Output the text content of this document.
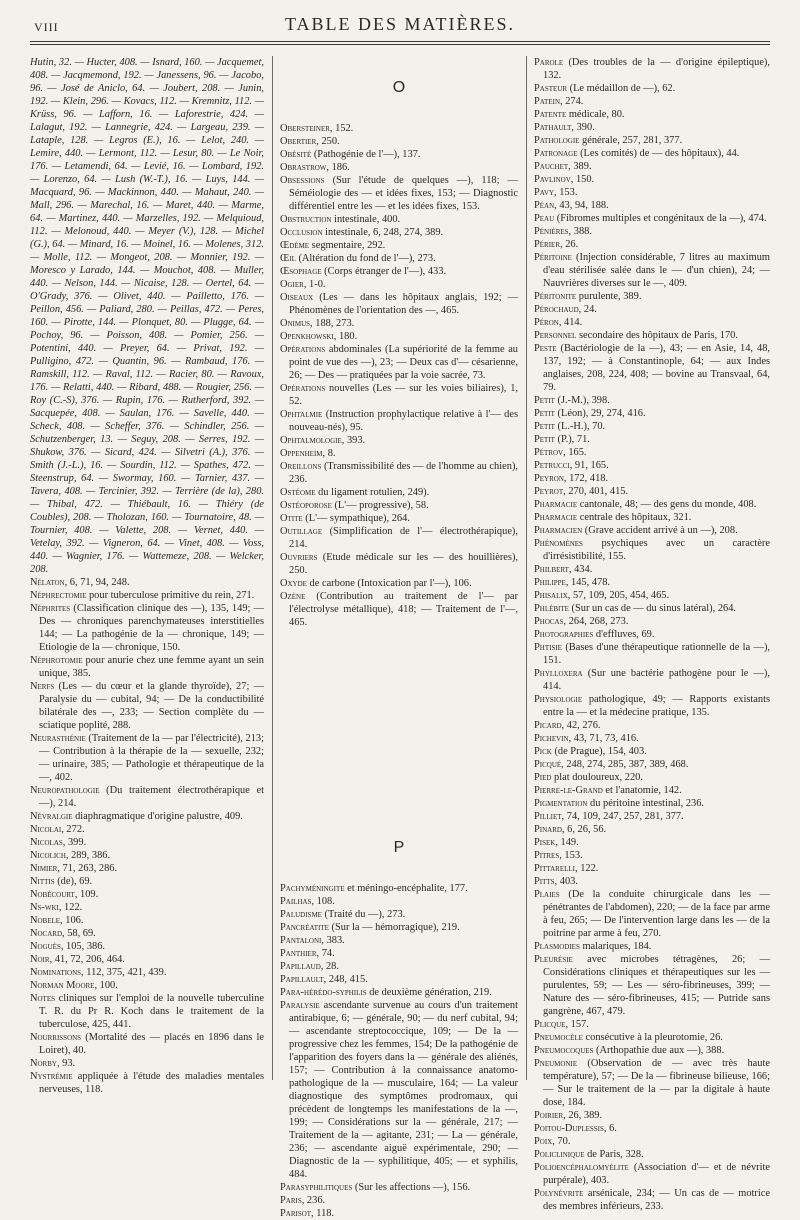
VIII	TABLE DES MATIÈRES.

Hutin, 32. — Hucter, 408. — Isnard, 160. — Jacquemet, 408. — Jacqmemond, 192. — Janessens, 96. — Jacobo, 96. — José de Aniclo, 64. — Joubert, 208. — Junin, 192. — Klein, 296. — Kovacs, 112. — Kremnitz, 112. — Krüss, 96. — Lafforn, 16. — Laforestrie, 424. — Lalagut, 192. — Lannegrie, 424. — Largeau, 239. — Lataple, 128. — Legros (E.), 16. — Lelot, 240. — Lemire, 440. — Lermont, 112. — Lesur, 80. — Le Noir, 176. — Letamendi, 64. — Levié, 16. — Lombard, 192. — Lorenzo, 64. — Lush (W.-T.), 16. — Luys, 144. — Macquard, 96. — Mackinnon, 440. — Mahaut, 240. — Mall, 296. — Marechal, 16. — Maret, 440. — Marme, 64. — Martinez, 440. — Marzelles, 192. — Melquioud, 112. — Melonoud, 440. — Meyer (V.), 128. — Michel (G.), 64. — Minard, 16. — Moinel, 16. — Molenes, 312. — Molle, 112. — Mongeot, 208. — Monnier, 192. — Moresco y Larado, 144. — Mouchot, 408. — Muller, 440. — Nelson, 144. — Nicaise, 128. — Oertel, 64. — O'Grady, 376. — Olivet, 440. — Pailletto, 176. — Peillon, 456. — Paliard, 280. — Peillas, 472. — Peres, 160. — Pirotte, 144. — Plonquet, 80. — Plugge, 64. — Pochoy, 96. — Poisson, 408. — Pomier, 256. — Potentini, 440. — Preyer, 64. — Privat, 192. — Pulligino, 472. — Quantin, 96. — Rambaud, 176. — Ramskill, 112. — Raval, 112. — Racier, 80. — Ravoux, 176. — Relatti, 440. — Ribard, 488. — Rougier, 256. — Roy (C.-S), 376. — Rupin, 176. — Rutherford, 392. — Sacquepée, 408. — Saulan, 176. — Savelle, 440. — Scheck, 408. — Scheffer, 376. — Schindler, 256. — Schutzenberger, 13. — Seguy, 208. — Serres, 192. — Shukow, 376. — Sicard, 424. — Silvetri (A.), 376. — Smith (J.-L.), 16. — Sourdin, 112. — Spathes, 472. — Steenstrup, 64. — Swormay, 160. — Tarnier, 437. — Tavera, 408. — Tercinier, 392. — Terrière (de la), 280. — Thibal, 472. — Thiébault, 16. — Thiéry (de Coubles), 208. — Tholozan, 160. — Tournatoire, 48. — Tournier, 408. — Valette, 208. — Vernet, 440. — Vetelay, 392. — Vigneron, 64. — Vinet, 408. — Voss, 440. — Wagnier, 176. — Wattemeze, 208. — Welcker, 208.

Nélaton, 6, 71, 94, 248.

Néphrectomie pour tuberculose primitive du rein, 271.

Néphrites (Classification clinique des —), 135, 149; — Des — chroniques parenchymateuses interstitielles 144; — La pathogénie de la — chronique, 149; — Etiologie de la — chronique, 150.

Néphrotomie pour anurie chez une femme ayant un sein unique, 385.

Nerfs (Les — du cœur et la glande thyroïde), 27; — Paralysie du — cubital, 94; — De la conductibilité bilatérale des —, 233; — Section complète du — sciatique poplité, 288.

Neurasthénie (Traitement de la — par l'électricité), 213; — Contribution à la thérapie de la — sexuelle, 232; — urinaire, 385; — Pathologie et thérapeutique de la —, 402.

Neuropathologie (Du traitement électrothérapique et —), 214.

Névralgie diaphragmatique d'origine palustre, 409.

Nicolai, 272.

Nicolas, 399.

Nicolich, 289, 386.

Nimier, 71, 263, 286.

Nittis (de), 69.

Nobécourt, 109.

Ns-wki, 122.

Nobele, 106.

Nocard, 58, 69.

Noguès, 105, 386.

Noir, 41, 72, 206, 464.

Nominations, 112, 375, 421, 439.

Norman Moore, 100.

Notes cliniques sur l'emploi de la nouvelle tuberculine T. R. du Pr R. Koch dans le traitement de la tuberculose, 425, 441.

Nourrissons (Mortalité des — placés en 1896 dans le Loiret), 40.

Norby, 93.

Nystrémie appliquée à l'étude des maladies mentales nerveuses, 118.

O

Obersteiner, 152.

Obertier, 250.

Obésité (Pathogénie de l'—), 137.

Obrastrow, 186.

Obsessions (Sur l'étude de quelques —), 118; — Séméiologie des — et idées fixes, 153; — Diagnostic différentiel entre les — et les idées fixes, 153.

Obstruction intestinale, 400.

Occlusion intestinale, 6, 248, 274, 389.

Œdème segmentaire, 292.

Œil (Altération du fond de l'—), 273.

Œsophage (Corps étranger de l'—), 433.

Ogier, 1-0.

Oiseaux (Les — dans les hôpitaux anglais, 192; — Phénomènes de l'orientation des —, 465.

Onimus, 188, 273.

Openkhowski, 180.

Opérations abdominales (La supériorité de la femme au point de vue des —), 23; — Deux cas d'— césarienne, 26; — Des — pratiquées par la voie sacrée, 73.

Opérations nouvelles (Les — sur les voies biliaires), 1, 52.

Ophtalmie (Instruction prophylactique relative à l'— des nouveau-nés), 95.

Ophtalmologie, 393.

Oppenheim, 8.

Oreillons (Transmissibilité des — de l'homme au chien), 236.

Ostéome du ligament rotulien, 249).

Ostéoporose (L'— progressive), 58.

Otite (L'— sympathique), 264.

Outillage (Simplification de l'— électrothérapique), 214.

Ouvriers (Etude médicale sur les — des houillières), 250.

Oxyde de carbone (Intoxication par l'—), 106.

Ozène (Contribution au traitement de l'— par l'électrolyse métallique), 418; — Traitement de l'—, 465.

P

Pachyméningite et méningo-encéphalite, 177.

Pailhas, 108.

Paludisme (Traité du —), 273.

Pancréatite (Sur la — hémorragique), 219.

Pantaloni, 383.

Panthier, 74.

Papillaud, 28.

Papillault, 248, 415.

Para-hérédo-syphilis de deuxième génération, 219.

Paralysie ascendante survenue au cours d'un traitement antirabique, 6; — générale, 90; — du nerf cubital, 94; — ascendante streptococcique, 109; — De la — progressive chez les femmes, 154; De la pathogénie de l'apparition des foyers dans la — générale des aliénés, 157; — Contribution à la connaissance anatomo-pathologique de la — musculaire, 164; — La valeur diagnostique des symptômes prodromaux, qui précèdent de longtemps les manifestations de la —, 199; — Considérations sur la — générale, 217; — Traitement de la — agitante, 231; — La — générale, 236; — ascendante aiguë expérimentale, 290; — Diagnostic de la — syphilitique, 405; — et syphilis, 484.

Parasyphilitiques (Sur les affections —), 156.

Paris, 236.

Parisot, 118.

Parole (Des troubles de la — d'origine épileptique), 132.

Pasteur (Le médaillon de —), 62.

Patein, 274.

Patente médicale, 80.

Pathault, 390.

Pathologie générale, 257, 281, 377.

Patronage (Les comités) de — des hôpitaux), 44.

Pauchet, 389.

Pavlinov, 150.

Pavy, 153.

Péan, 43, 94, 188.

Peau (Fibromes multiples et congénitaux de la —), 474.

Pénières, 388.

Périer, 26.

Péritoine (Injection considérable, 7 litres au maximum d'eau stérilisée salée dans le — d'un chien), 24; — Nauvrières diverses sur le —, 409.

Péritonite purulente, 389.

Pérochaud, 24.

Péron, 414.

Personnel secondaire des hôpitaux de Paris, 170.

Peste (Bactériologie de la —), 43; — en Asie, 14, 48, 137, 192; — à Constantinople, 64; — aux Indes anglaises, 208, 224, 408; — bovine au Transvaal, 64, 79.

Petit (J.-M.), 398.

Petit (Léon), 29, 274, 416.

Petit (L.-H.), 70.

Petit (P.), 71.

Pétrov, 165.

Petrucci, 91, 165.

Peyron, 172, 418.

Peyrot, 270, 401, 415.

Pharmacie cantonale, 48; — des gens du monde, 408.

Pharmacie centrale des hôpitaux, 321.

Pharmacien (Grave accident arrivé à un —), 208.

Phénomènes psychiques avec un caractère d'irrésistibilité, 155.

Philbert, 434.

Philippe, 145, 478.

Phisalix, 57, 109, 205, 454, 465.

Phlébite (Sur un cas de — du sinus latéral), 264.

Phocas, 264, 268, 273.

Photographies d'effluves, 69.

Phtisie (Bases d'une thérapeutique rationnelle de la —), 151.

Phylloxera (Sur une bactérie pathogène pour le —), 414.

Physiologie pathologique, 49; — Rapports existants entre la — et la médecine pratique, 135.

Picard, 42, 276.

Pichevin, 43, 71, 73, 416.

Pick (de Prague), 154, 403.

Picqué, 248, 274, 285, 387, 389, 468.

Pied plat douloureux, 220.

Pierre-le-Grand et l'anatomie, 142.

Pigmentation du péritoine intestinal, 236.

Pilliet, 74, 109, 247, 257, 281, 377.

Pinard, 6, 26, 56.

Pisek, 149.

Pitres, 153.

Pittarelli, 122.

Pitts, 403.

Plaies (De la conduite chirurgicale dans les — pénétrantes de l'abdomen), 220; — de la face par arme à feu, 265; — De l'intervention large dans les — de la poitrine par arme à feu, 270.

Plasmodies malariques, 184.

Pleurésie avec microbes tétragènes, 26; — Considérations cliniques et thérapeutiques sur les — purulentes, 59; — Les — séro-fibrineuses, 399; — Nature des — séro-fibrineuses, 415; — Putride sans gangrène, 467, 479.

Plicque, 157.

Pneumocèle consécutive à la pleurotomie, 26.

Pneumocoques (Arthopathie due aux —), 388.

Pneumonie (Observation de — avec très haute température), 57; — De la — fibrineuse bilieuse, 166; — Sur le traitement de la — par la digitale à haute dose, 184.

Poirier, 26, 389.

Poitou-Duplessis, 6.

Poix, 70.

Policlinique de Paris, 328.

Polioencéphalomyélite (Association d'— et de névrite purpérale), 403.

Polynévrite arsénicale, 234; — Un cas de — motrice des membres inférieurs, 233.
